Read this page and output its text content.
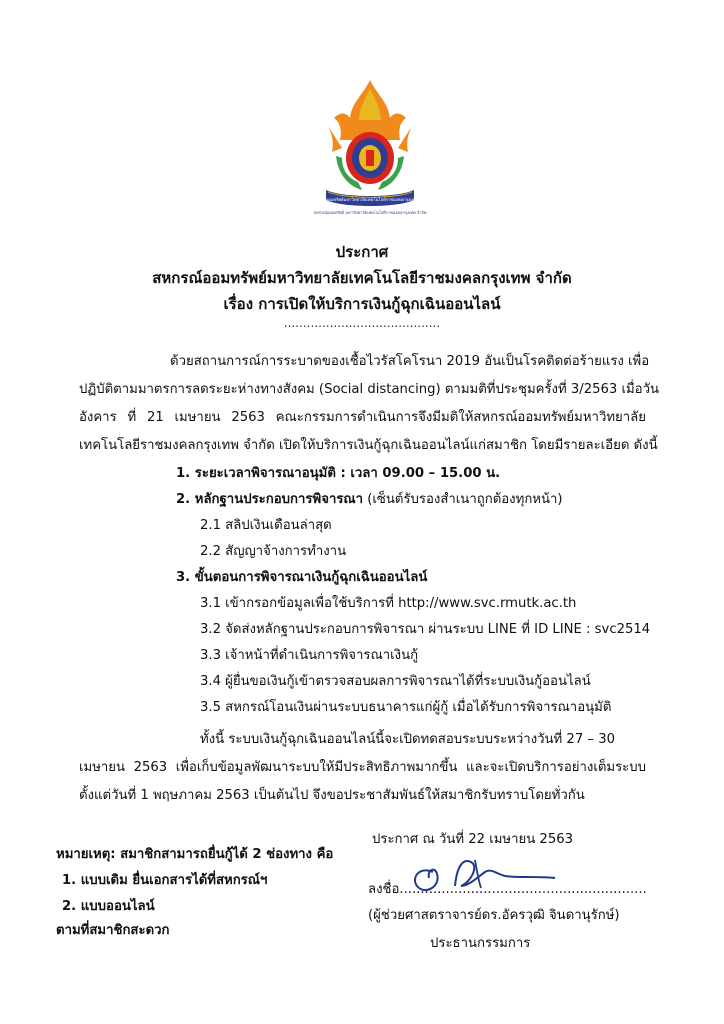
สหกรณ์ออมทรัพย์มหาวิทยาลัยเทคโนโลยีราชมงคลกรุงเทพ จำกัด
สหกรณ์ออมทรัพย์ มหาวิทยาลัยเทคโนโลยีราชมงคลกรุงเทพ จำกัด
ประกาศ
สหกรณ์ออมทรัพย์มหาวิทยาลัยเทคโนโลยีราชมงคลกรุงเทพ จำกัด
เรื่อง การเปิดให้บริการเงินกู้ฉุกเฉินออนไลน์
.........................................
ด้วยสถานการณ์การระบาดของเชื้อไวรัสโคโรนา 2019 อันเป็นโรคติดต่อร้ายแรง เพื่อ
ปฏิบัติตามมาตรการลดระยะห่างทางสังคม (Social distancing) ตามมติที่ประชุมครั้งที่ 3/2563 เมื่อวัน
อังคาร ที่ 21 เมษายน 2563 คณะกรรมการดำเนินการจึงมีมติให้สหกรณ์ออมทรัพย์มหาวิทยาลัย
เทคโนโลยีราชมงคลกรุงเทพ จำกัด เปิดให้บริการเงินกู้ฉุกเฉินออนไลน์แก่สมาชิก โดยมีรายละเอียด ดังนี้
1. ระยะเวลาพิจารณาอนุมัติ : เวลา 09.00 – 15.00 น.
2. หลักฐานประกอบการพิจารณา (เซ็นต์รับรองสำเนาถูกต้องทุกหน้า)
2.1 สลิปเงินเดือนล่าสุด
2.2 สัญญาจ้างการทำงาน
3. ขั้นตอนการพิจารณาเงินกู้ฉุกเฉินออนไลน์
3.1 เข้ากรอกข้อมูลเพื่อใช้บริการที่ http://www.svc.rmutk.ac.th
3.2 จัดส่งหลักฐานประกอบการพิจารณา ผ่านระบบ LINE ที่ ID LINE : svc2514
3.3 เจ้าหน้าที่ดำเนินการพิจารณาเงินกู้
3.4 ผู้ยื่นขอเงินกู้เข้าตรวจสอบผลการพิจารณาได้ที่ระบบเงินกู้ออนไลน์
3.5 สหกรณ์โอนเงินผ่านระบบธนาคารแก่ผู้กู้ เมื่อได้รับการพิจารณาอนุมัติ
ทั้งนี้ ระบบเงินกู้ฉุกเฉินออนไลน์นี้จะเปิดทดสอบระบบระหว่างวันที่ 27 – 30
เมษายน 2563 เพื่อเก็บข้อมูลพัฒนาระบบให้มีประสิทธิภาพมากขึ้น และจะเปิดบริการอย่างเต็มระบบ
ตั้งแต่วันที่ 1 พฤษภาคม 2563 เป็นต้นไป จึงขอประชาสัมพันธ์ให้สมาชิกรับทราบโดยทั่วกัน
หมายเหตุ: สมาชิกสามารถยื่นกู้ได้ 2 ช่องทาง คือ
1. แบบเดิม ยื่นเอกสารได้ที่สหกรณ์ฯ
2. แบบออนไลน์
ตามที่สมาชิกสะดวก
ประกาศ ณ วันที่ 22 เมษายน 2563
ลงชื่อ...........................................................
(ผู้ช่วยศาสตราจารย์ดร.อัครวุฒิ จินดานุรักษ์)
ประธานกรรมการ
